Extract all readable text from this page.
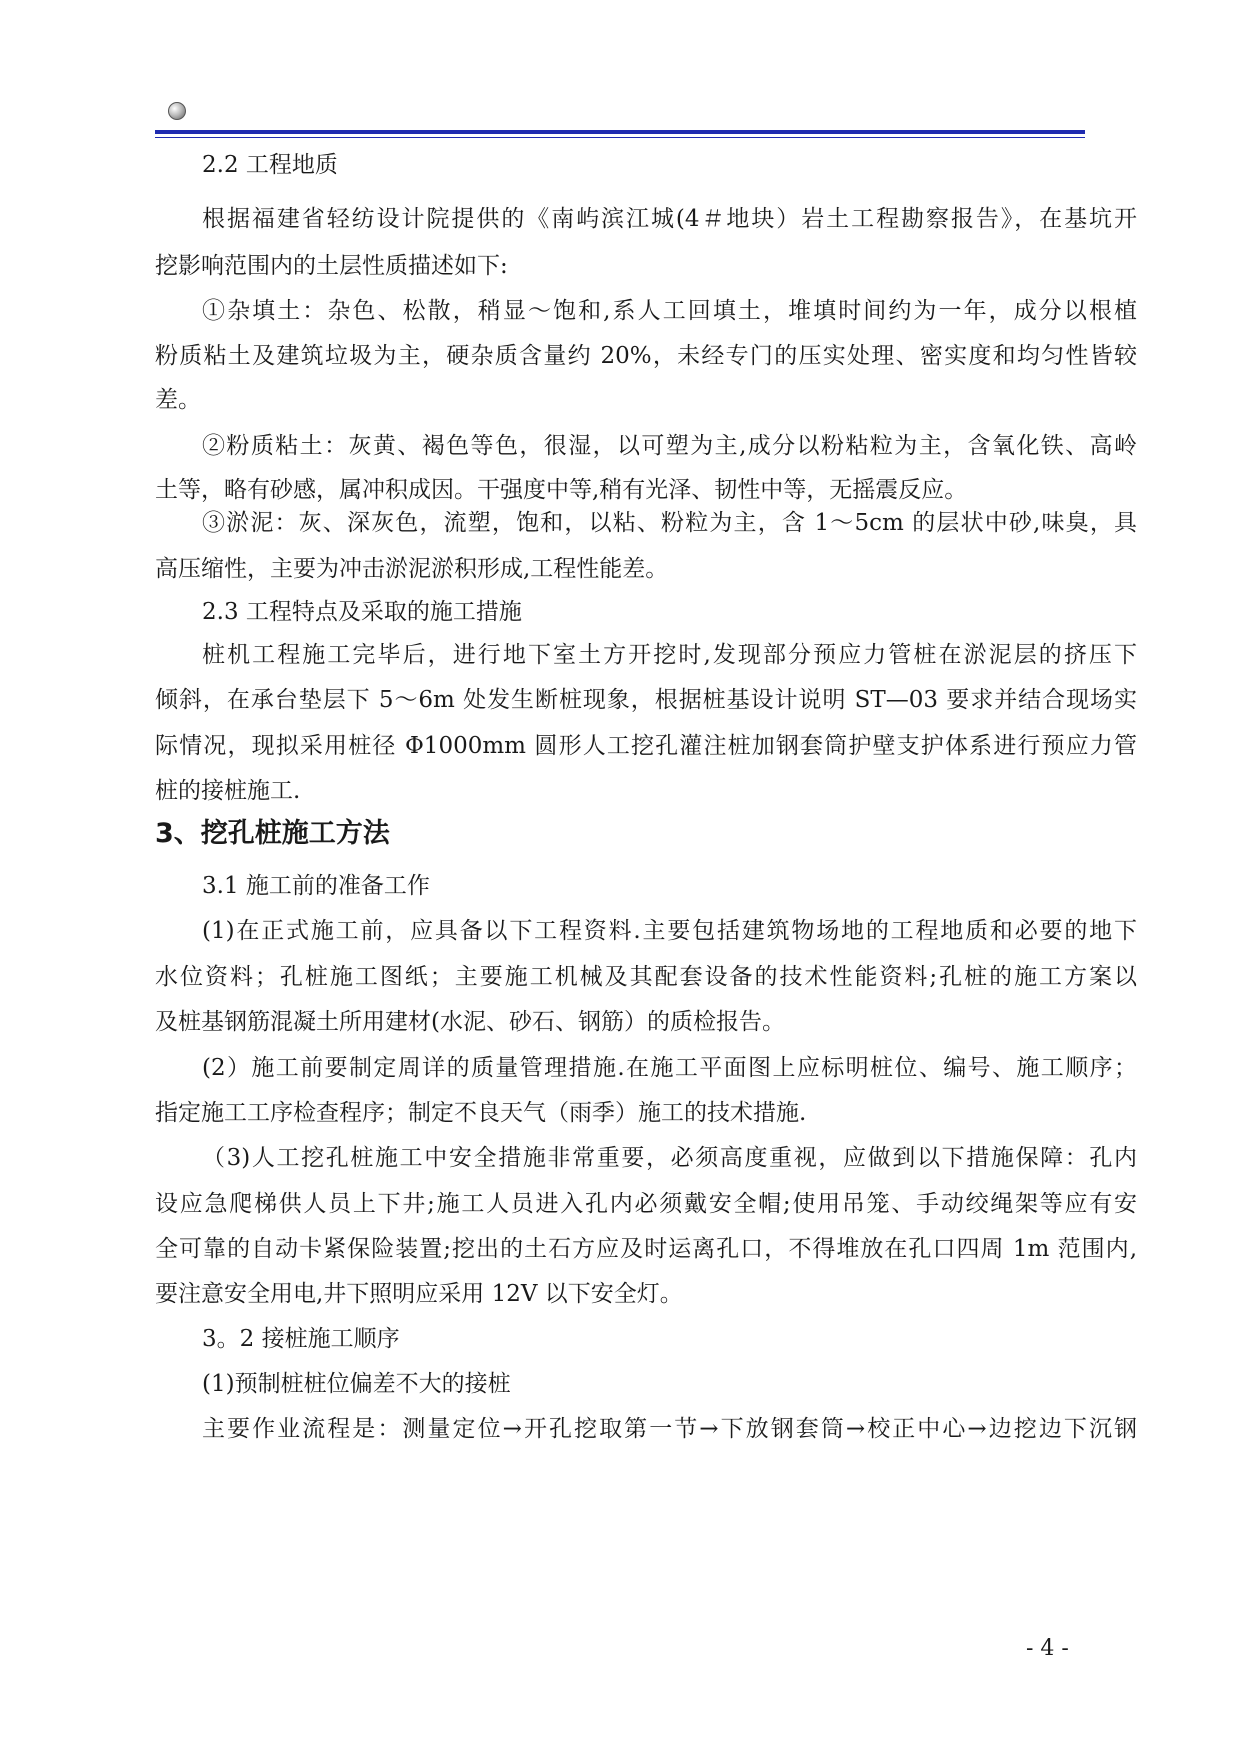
2.2 工程地质
根据福建省轻纺设计院提供的《南屿滨江城(4＃地块）岩土工程勘察报告》，在基坑开
挖影响范围内的土层性质描述如下:
①杂填土：杂色、松散，稍显～饱和,系人工回填土，堆填时间约为一年，成分以根植
粉质粘土及建筑垃圾为主，硬杂质含量约 20%，未经专门的压实处理、密实度和均匀性皆较
差。
②粉质粘土：灰黄、褐色等色，很湿，以可塑为主,成分以粉粘粒为主，含氧化铁、高岭
土等，略有砂感，属冲积成因。干强度中等,稍有光泽、韧性中等，无摇震反应。
③淤泥：灰、深灰色，流塑，饱和，以粘、粉粒为主，含 1～5cm 的层状中砂,味臭，具
高压缩性，主要为冲击淤泥淤积形成,工程性能差。
2.3 工程特点及采取的施工措施
桩机工程施工完毕后，进行地下室土方开挖时,发现部分预应力管桩在淤泥层的挤压下
倾斜，在承台垫层下 5～6m 处发生断桩现象，根据桩基设计说明 ST—03 要求并结合现场实
际情况，现拟采用桩径 Φ1000mm 圆形人工挖孔灌注桩加钢套筒护壁支护体系进行预应力管
桩的接桩施工.
3、挖孔桩施工方法
3.1 施工前的准备工作
(1)在正式施工前，应具备以下工程资料.主要包括建筑物场地的工程地质和必要的地下
水位资料；孔桩施工图纸；主要施工机械及其配套设备的技术性能资料;孔桩的施工方案以
及桩基钢筋混凝土所用建材(水泥、砂石、钢筋）的质检报告。
(2）施工前要制定周详的质量管理措施.在施工平面图上应标明桩位、编号、施工顺序；
指定施工工序检查程序；制定不良天气（雨季）施工的技术措施.
（3)人工挖孔桩施工中安全措施非常重要，必须高度重视，应做到以下措施保障：孔内
设应急爬梯供人员上下井;施工人员进入孔内必须戴安全帽;使用吊笼、手动绞绳架等应有安
全可靠的自动卡紧保险装置;挖出的土石方应及时运离孔口，不得堆放在孔口四周 1m 范围内,
要注意安全用电,井下照明应采用 12V 以下安全灯。
3。2 接桩施工顺序
(1)预制桩桩位偏差不大的接桩
主要作业流程是：测量定位→开孔挖取第一节→下放钢套筒→校正中心→边挖边下沉钢
- 4 -
